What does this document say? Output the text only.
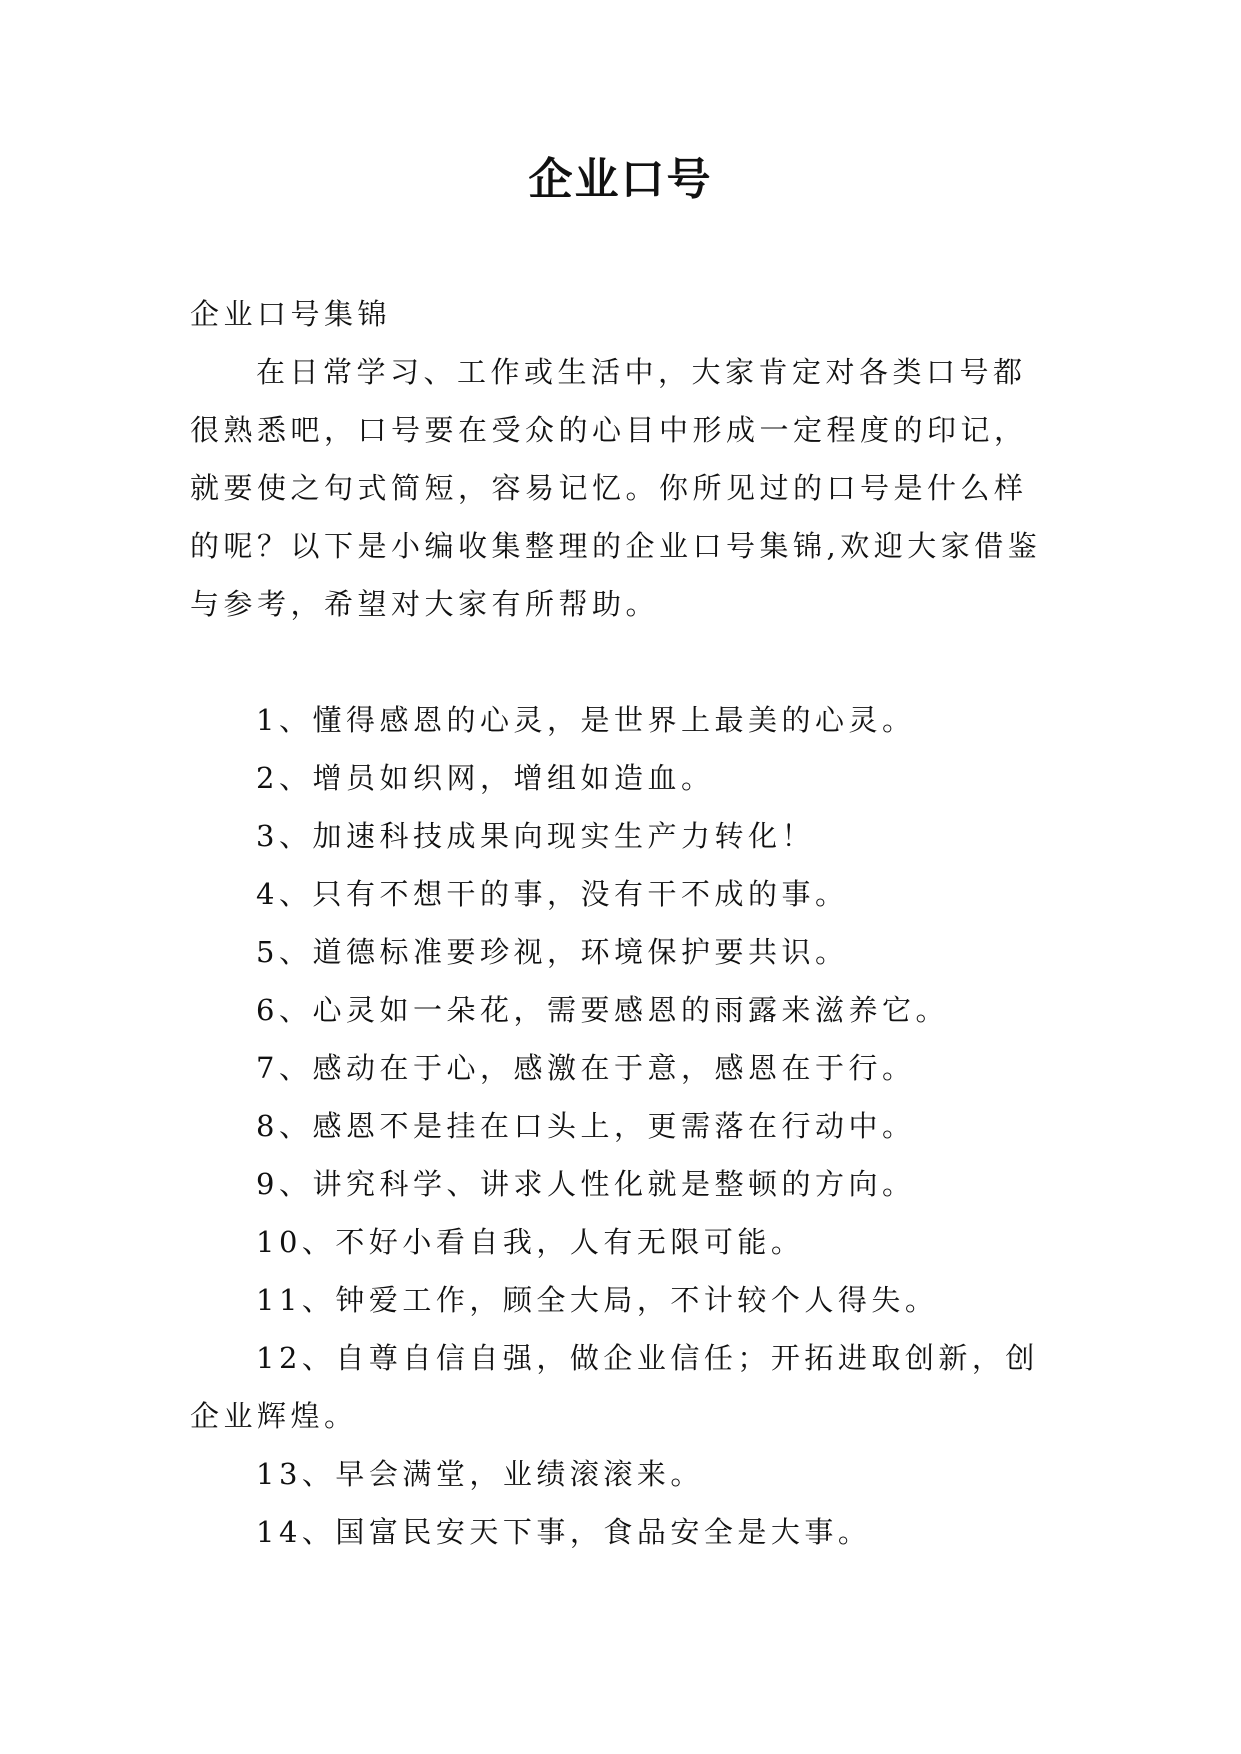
企业口号

企业口号集锦

在日常学习、工作或生活中，大家肯定对各类口号都很熟悉吧，口号要在受众的心目中形成一定程度的印记，就要使之句式简短，容易记忆。你所见过的口号是什么样的呢？以下是小编收集整理的企业口号集锦,欢迎大家借鉴与参考，希望对大家有所帮助。

1、懂得感恩的心灵，是世界上最美的心灵。
2、增员如织网，增组如造血。
3、加速科技成果向现实生产力转化！
4、只有不想干的事，没有干不成的事。
5、道德标准要珍视，环境保护要共识。
6、心灵如一朵花，需要感恩的雨露来滋养它。
7、感动在于心，感激在于意，感恩在于行。
8、感恩不是挂在口头上，更需落在行动中。
9、讲究科学、讲求人性化就是整顿的方向。
10、不好小看自我，人有无限可能。
11、钟爱工作，顾全大局，不计较个人得失。
12、自尊自信自强，做企业信任；开拓进取创新，创企业辉煌。
13、早会满堂，业绩滚滚来。
14、国富民安天下事，食品安全是大事。
